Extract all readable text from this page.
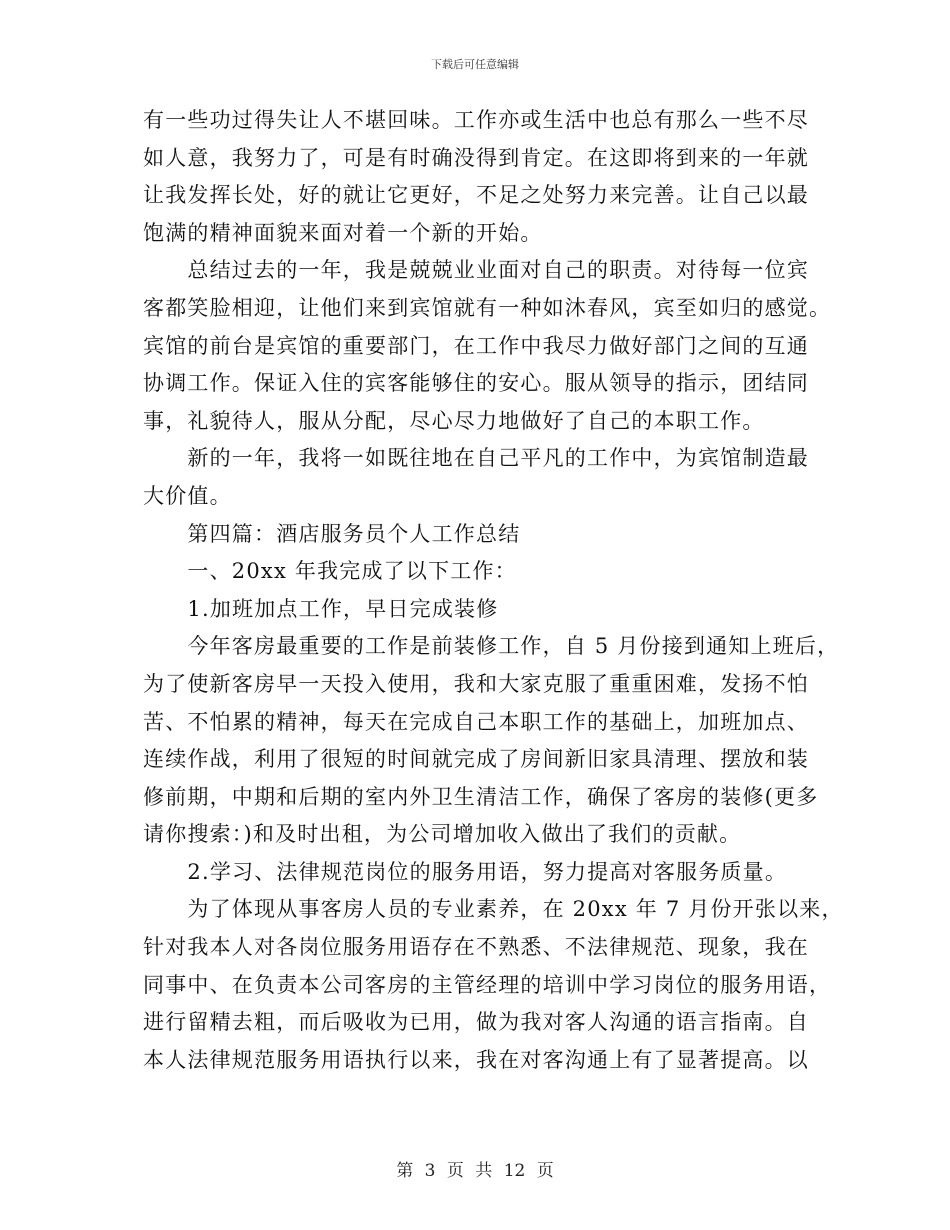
下载后可任意编辑

有一些功过得失让人不堪回味。工作亦或生活中也总有那么一些不尽

如人意，我努力了，可是有时确没得到肯定。在这即将到来的一年就

让我发挥长处，好的就让它更好，不足之处努力来完善。让自己以最

饱满的精神面貌来面对着一个新的开始。

　　总结过去的一年，我是兢兢业业面对自己的职责。对待每一位宾

客都笑脸相迎，让他们来到宾馆就有一种如沐春风，宾至如归的感觉。

宾馆的前台是宾馆的重要部门，在工作中我尽力做好部门之间的互通

协调工作。保证入住的宾客能够住的安心。服从领导的指示，团结同

事，礼貌待人，服从分配，尽心尽力地做好了自己的本职工作。

　　新的一年，我将一如既往地在自己平凡的工作中，为宾馆制造最

大价值。

　　第四篇：酒店服务员个人工作总结

　　一、20xx 年我完成了以下工作：

　　1.加班加点工作，早日完成装修

　　今年客房最重要的工作是前装修工作，自 5 月份接到通知上班后，

为了使新客房早一天投入使用，我和大家克服了重重困难，发扬不怕

苦、不怕累的精神，每天在完成自己本职工作的基础上，加班加点、

连续作战，利用了很短的时间就完成了房间新旧家具清理、摆放和装

修前期，中期和后期的室内外卫生清洁工作，确保了客房的装修(更多

请你搜索：)和及时出租，为公司增加收入做出了我们的贡献。

　　2.学习、法律规范岗位的服务用语，努力提高对客服务质量。

　　为了体现从事客房人员的专业素养，在 20xx 年 7 月份开张以来，

针对我本人对各岗位服务用语存在不熟悉、不法律规范、现象，我在

同事中、在负责本公司客房的主管经理的培训中学习岗位的服务用语，

进行留精去粗，而后吸收为已用，做为我对客人沟通的语言指南。自

本人法律规范服务用语执行以来，我在对客沟通上有了显著提高。以

第 3 页 共 12 页
